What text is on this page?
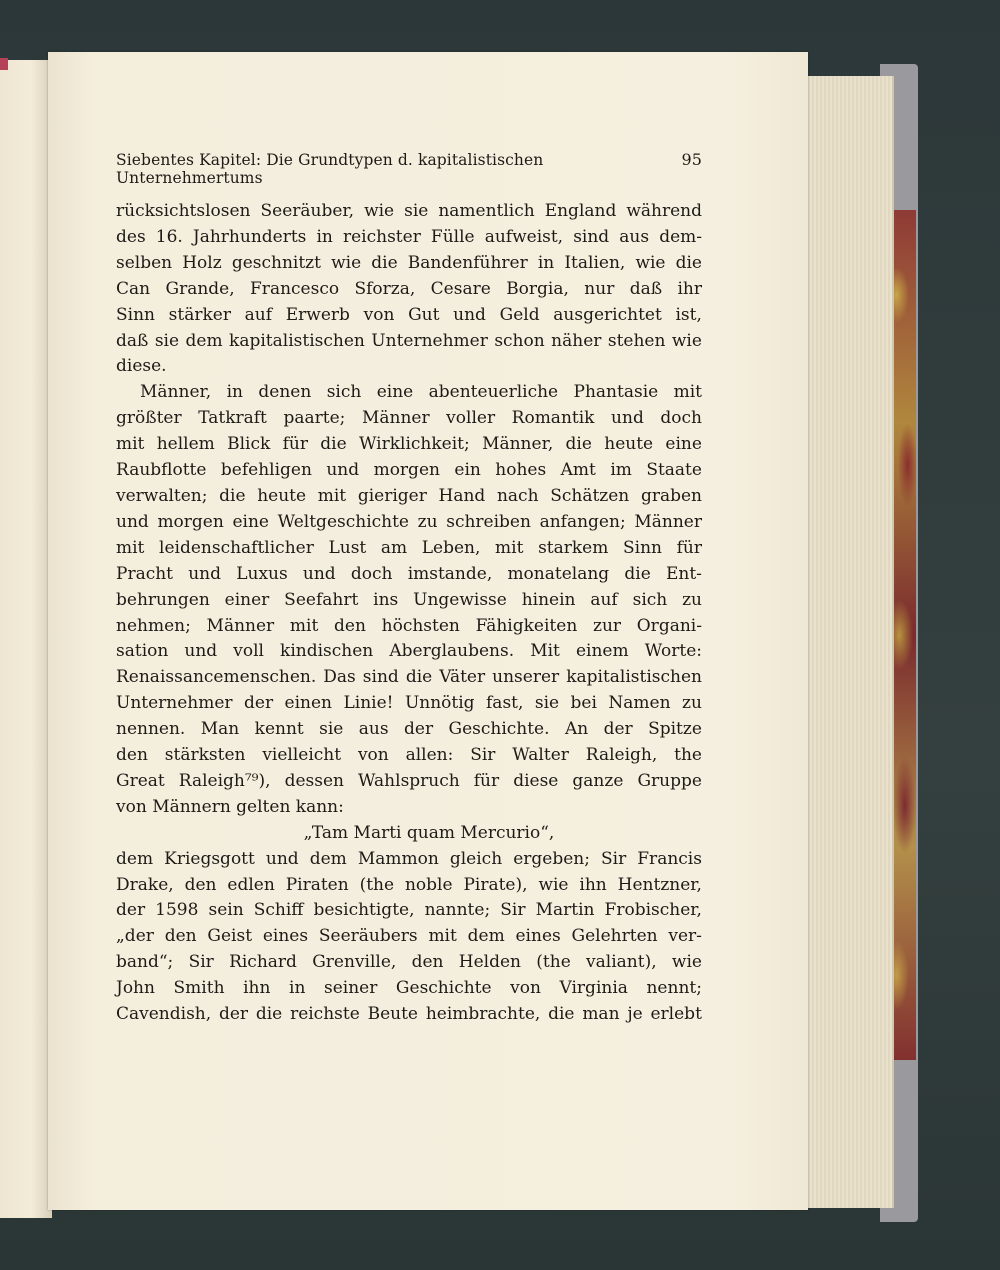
Siebentes Kapitel: Die Grundtypen d. kapitalistischen Unternehmertums
95
rücksichtslosen Seeräuber, wie sie namentlich England während
des 16. Jahrhunderts in reichster Fülle aufweist, sind aus dem-
selben Holz geschnitzt wie die Bandenführer in Italien, wie die
Can Grande, Francesco Sforza, Cesare Borgia, nur daß ihr
Sinn stärker auf Erwerb von Gut und Geld ausgerichtet ist,
daß sie dem kapitalistischen Unternehmer schon näher stehen wie
diese.
Männer, in denen sich eine abenteuerliche Phantasie mit
größter Tatkraft paarte; Männer voller Romantik und doch
mit hellem Blick für die Wirklichkeit; Männer, die heute eine
Raubflotte befehligen und morgen ein hohes Amt im Staate
verwalten; die heute mit gieriger Hand nach Schätzen graben
und morgen eine Weltgeschichte zu schreiben anfangen; Männer
mit leidenschaftlicher Lust am Leben, mit starkem Sinn für
Pracht und Luxus und doch imstande, monatelang die Ent-
behrungen einer Seefahrt ins Ungewisse hinein auf sich zu
nehmen; Männer mit den höchsten Fähigkeiten zur Organi-
sation und voll kindischen Aberglaubens. Mit einem Worte:
Renaissancemenschen. Das sind die Väter unserer kapitalistischen
Unternehmer der einen Linie! Unnötig fast, sie bei Namen zu
nennen. Man kennt sie aus der Geschichte. An der Spitze
den stärksten vielleicht von allen: Sir Walter Raleigh, the
Great Raleigh⁷⁹), dessen Wahlspruch für diese ganze Gruppe
von Männern gelten kann:
„Tam Marti quam Mercurio“,
dem Kriegsgott und dem Mammon gleich ergeben; Sir Francis
Drake, den edlen Piraten (the noble Pirate), wie ihn Hentzner,
der 1598 sein Schiff besichtigte, nannte; Sir Martin Frobischer,
„der den Geist eines Seeräubers mit dem eines Gelehrten ver-
band“; Sir Richard Grenville, den Helden (the valiant), wie
John Smith ihn in seiner Geschichte von Virginia nennt;
Cavendish, der die reichste Beute heimbrachte, die man je erlebt
